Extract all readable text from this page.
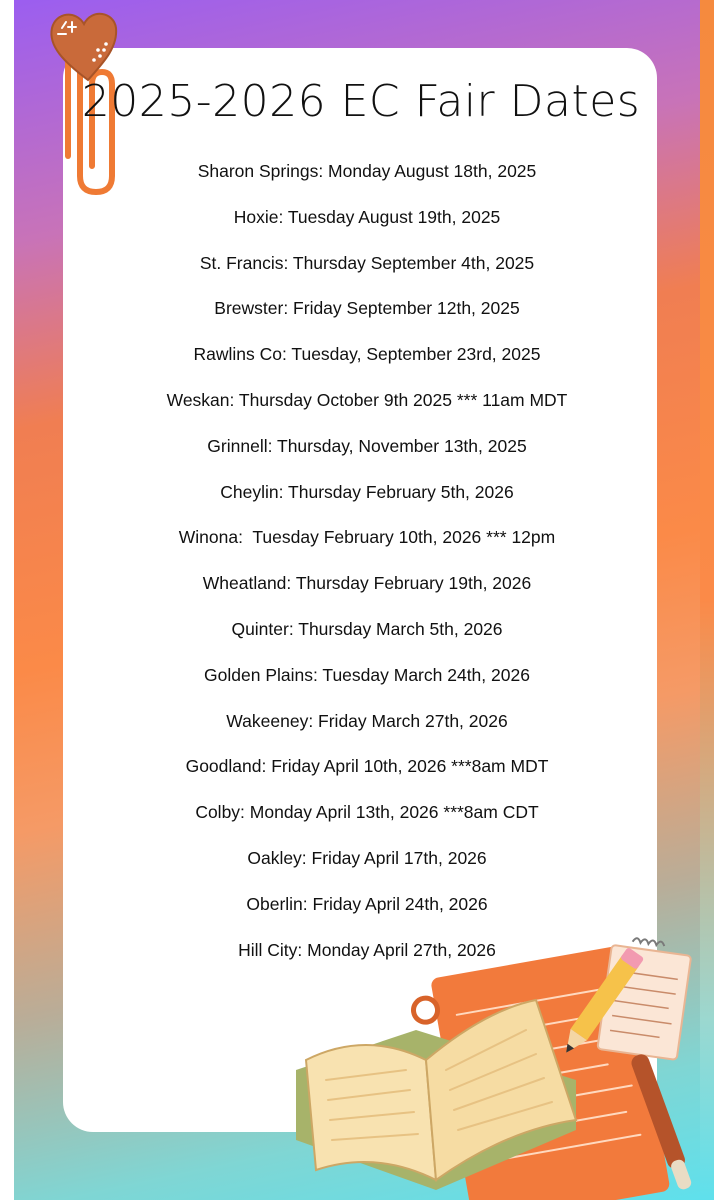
2025-2026 EC Fair Dates
Sharon Springs: Monday August 18th, 2025
Hoxie: Tuesday August 19th, 2025
St. Francis: Thursday September 4th, 2025
Brewster: Friday September 12th, 2025
Rawlins Co: Tuesday, September 23rd, 2025
Weskan: Thursday October 9th 2025 *** 11am MDT
Grinnell: Thursday, November 13th, 2025
Cheylin: Thursday February 5th, 2026
Winona:  Tuesday February 10th, 2026 *** 12pm
Wheatland: Thursday February 19th, 2026
Quinter: Thursday March 5th, 2026
Golden Plains: Tuesday March 24th, 2026
Wakeeney: Friday March 27th, 2026
Goodland: Friday April 10th, 2026 ***8am MDT
Colby: Monday April 13th, 2026 ***8am CDT
Oakley: Friday April 17th, 2026
Oberlin: Friday April 24th, 2026
Hill City: Monday April 27th, 2026
